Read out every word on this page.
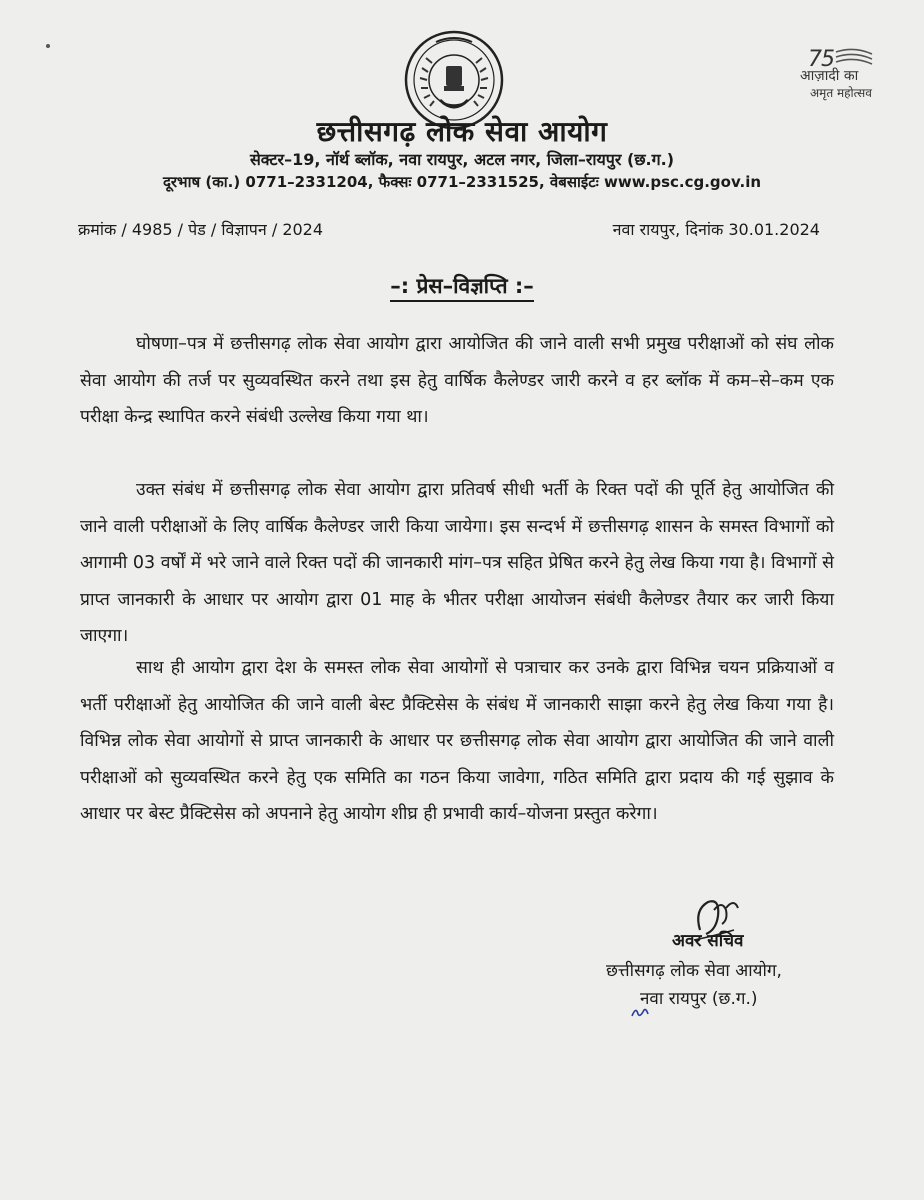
7 5
आज़ादी का
अमृत महोत्सव
छत्तीसगढ़ लोक सेवा आयोग
सेक्टर–19, नॉर्थ ब्लॉक, नवा रायपुर, अटल नगर, जिला–रायपुर (छ.ग.)
दूरभाष (का.) 0771–2331204, फैक्सः 0771–2331525, वेबसाईटः www.psc.cg.gov.in
क्रमांक / 4985 / पेड / विज्ञापन / 2024	नवा रायपुर, दिनांक 30.01.2024
–: प्रेस–विज्ञप्ति :–

घोषणा–पत्र में छत्तीसगढ़ लोक सेवा आयोग द्वारा आयोजित की जाने वाली सभी प्रमुख परीक्षाओं को संघ लोक सेवा आयोग की तर्ज पर सुव्यवस्थित करने तथा इस हेतु वार्षिक कैलेण्डर जारी करने व हर ब्लॉक में कम–से–कम एक परीक्षा केन्द्र स्थापित करने संबंधी उल्लेख किया गया था।

उक्त संबंध में छत्तीसगढ़ लोक सेवा आयोग द्वारा प्रतिवर्ष सीधी भर्ती के रिक्त पदों की पूर्ति हेतु आयोजित की जाने वाली परीक्षाओं के लिए वार्षिक कैलेण्डर जारी किया जायेगा। इस सन्दर्भ में छत्तीसगढ़ शासन के समस्त विभागों को आगामी 03 वर्षों में भरे जाने वाले रिक्त पदों की जानकारी मांग–पत्र सहित प्रेषित करने हेतु लेख किया गया है। विभागों से प्राप्त जानकारी के आधार पर आयोग द्वारा 01 माह के भीतर परीक्षा आयोजन संबंधी कैलेण्डर तैयार कर जारी किया जाएगा।

साथ ही आयोग द्वारा देश के समस्त लोक सेवा आयोगों से पत्राचार कर उनके द्वारा विभिन्न चयन प्रक्रियाओं व भर्ती परीक्षाओं हेतु आयोजित की जाने वाली बेस्ट प्रैक्टिसेस के संबंध में जानकारी साझा करने हेतु लेख किया गया है। विभिन्न लोक सेवा आयोगों से प्राप्त जानकारी के आधार पर छत्तीसगढ़ लोक सेवा आयोग द्वारा आयोजित की जाने वाली परीक्षाओं को सुव्यवस्थित करने हेतु एक समिति का गठन किया जावेगा, गठित समिति द्वारा प्रदाय की गई सुझाव के आधार पर बेस्ट प्रैक्टिसेस को अपनाने हेतु आयोग शीघ्र ही प्रभावी कार्य–योजना प्रस्तुत करेगा।

अवर सचिव
छत्तीसगढ़ लोक सेवा आयोग,
नवा रायपुर (छ.ग.)
